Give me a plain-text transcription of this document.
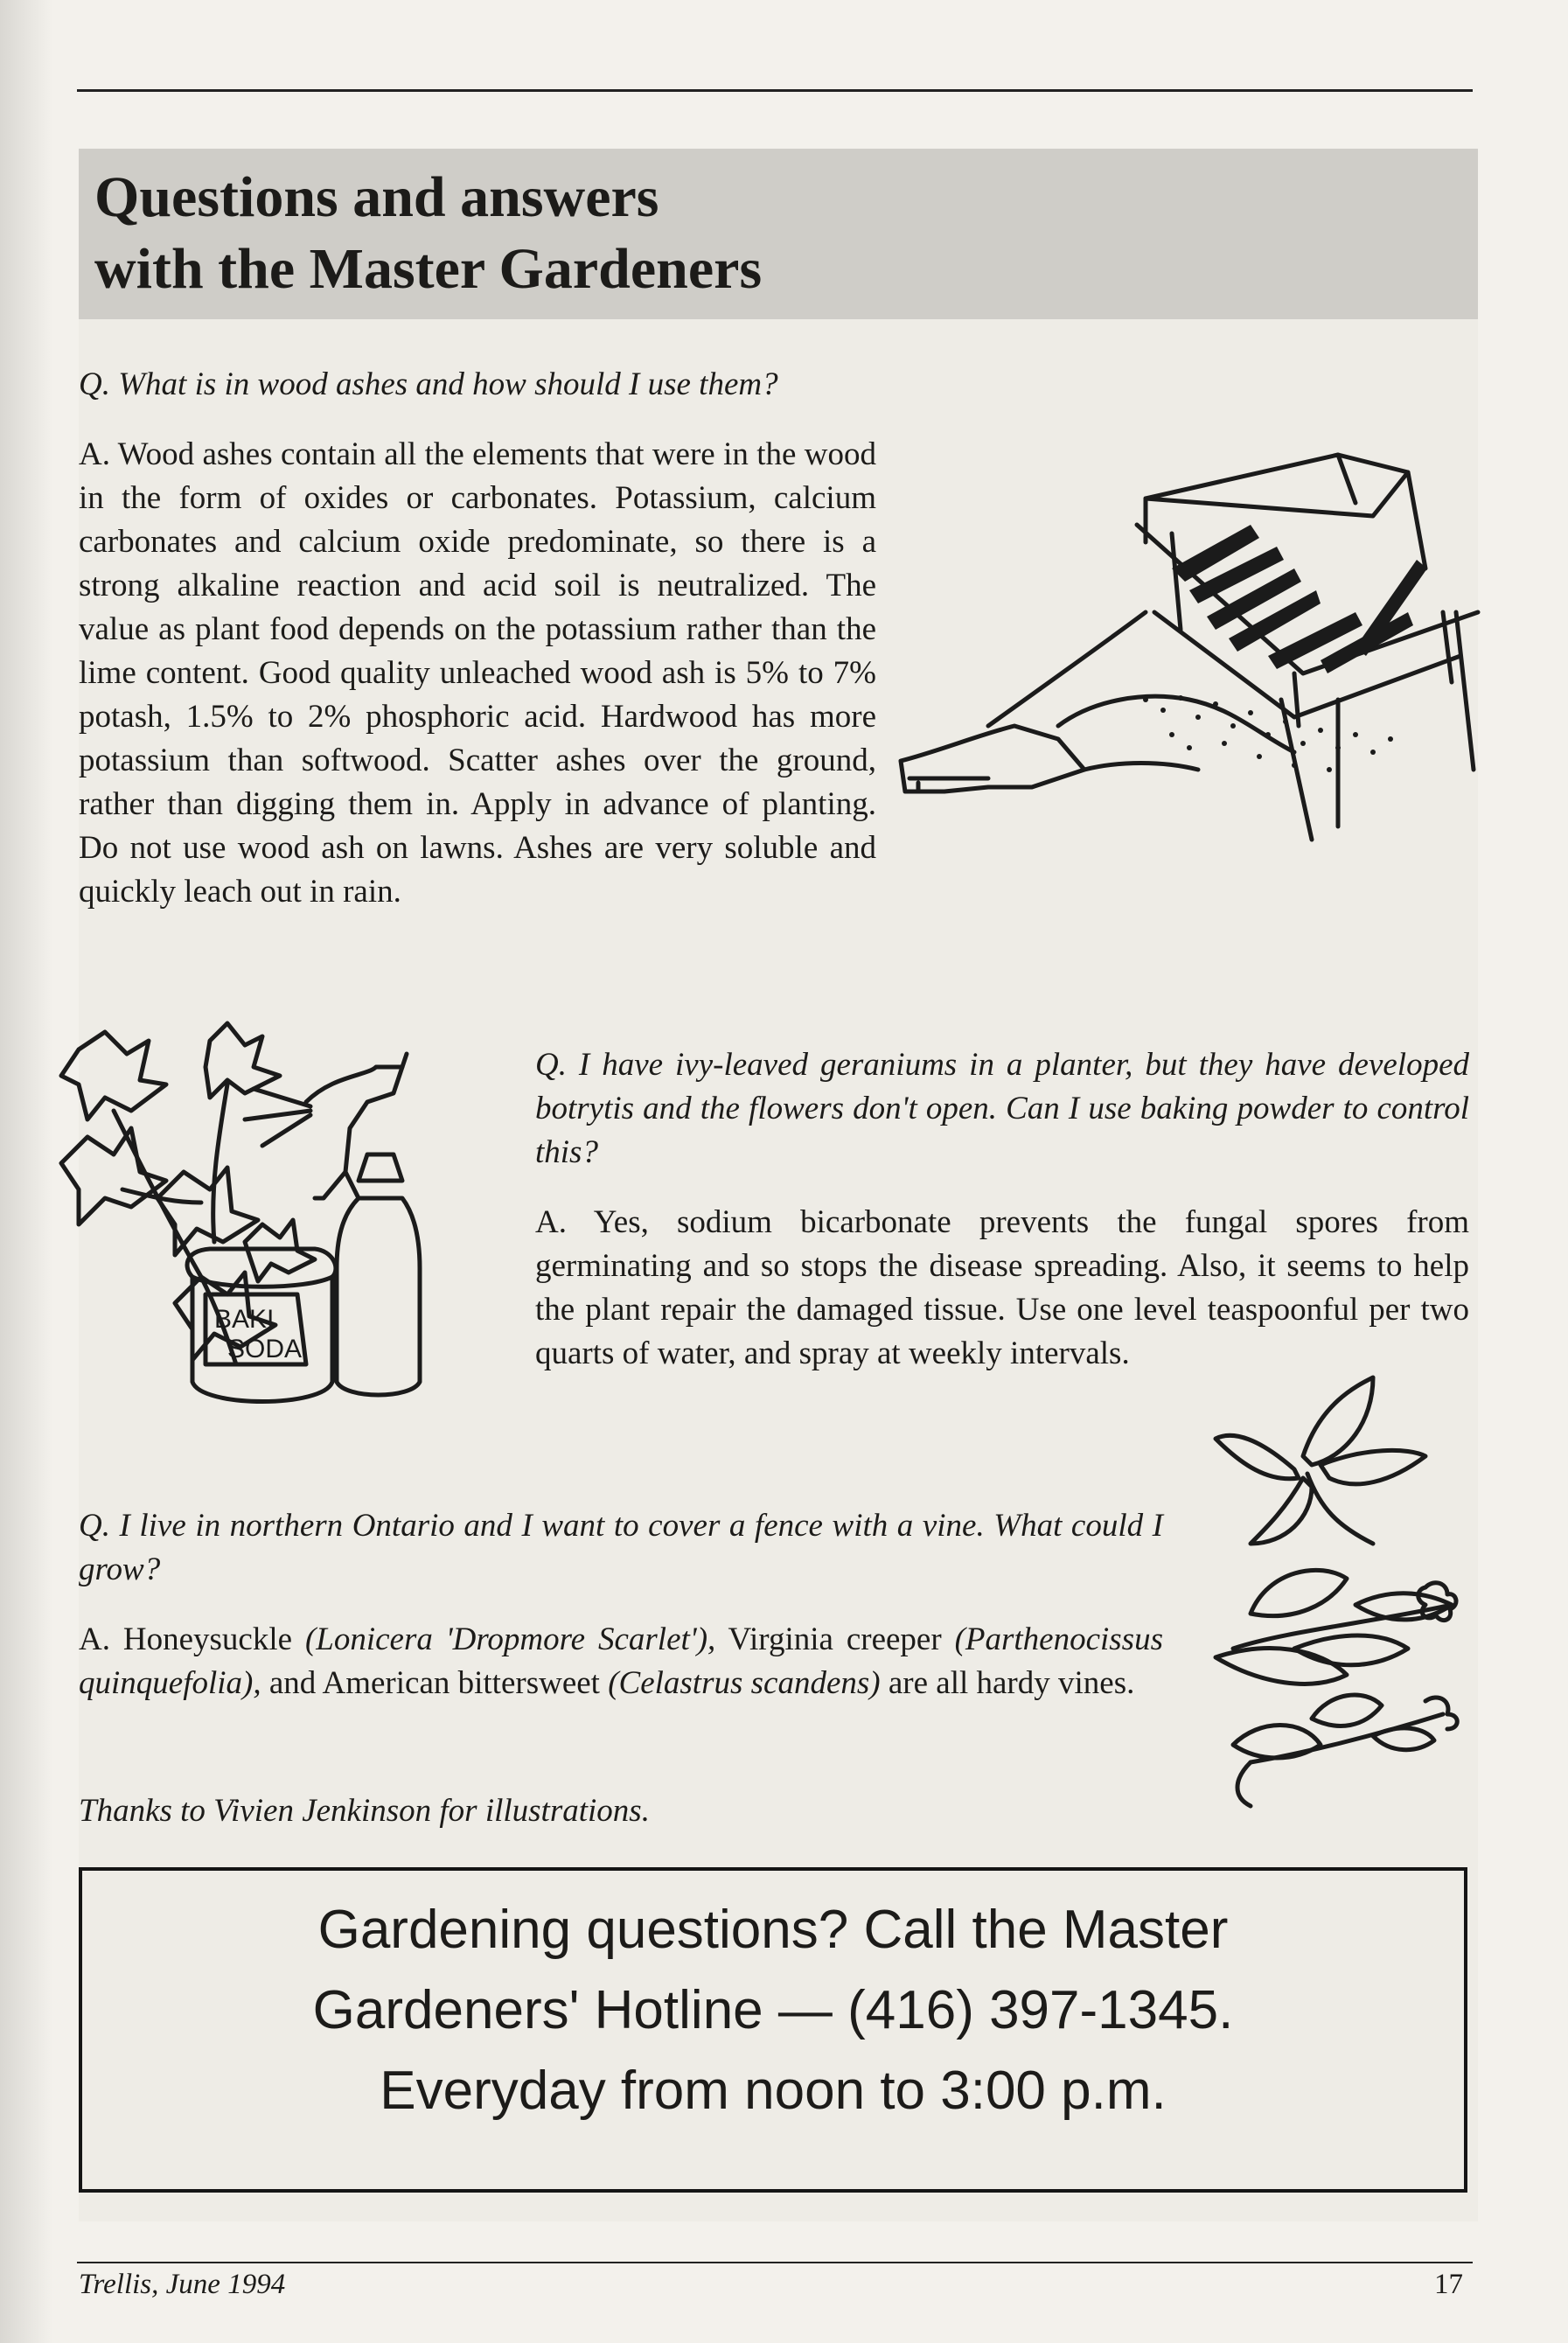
Questions and answers
with the Master Gardeners

Q. What is in wood ashes and how should I use them?

A. Wood ashes contain all the elements that were in the wood in the form of oxides or carbonates. Potassium, calcium carbonates and calcium oxide predominate, so there is a strong alkaline reaction and acid soil is neutralized. The value as plant food depends on the potassium rather than the lime content. Good quality unleached wood ash is 5% to 7% potash, 1.5% to 2% phosphoric acid. Hardwood has more potassium than softwood. Scatter ashes over the ground, rather than digging them in. Apply in advance of planting. Do not use wood ash on lawns. Ashes are very soluble and quickly leach out in rain.

BAKI
SODA

Q. I have ivy-leaved geraniums in a planter, but they have developed botrytis and the flowers don't open. Can I use baking powder to control this?

A. Yes, sodium bicarbonate prevents the fungal spores from germinating and so stops the disease spreading. Also, it seems to help the plant repair the damaged tissue. Use one level teaspoonful per two quarts of water, and spray at weekly intervals.

Q. I live in northern Ontario and I want to cover a fence with a vine. What could I grow?

A. Honeysuckle (Lonicera 'Dropmore Scarlet'), Virginia creeper (Parthenocissus quinquefolia), and American bittersweet (Celastrus scandens) are all hardy vines.

Thanks to Vivien Jenkinson for illustrations.

Gardening questions? Call the Master
Gardeners' Hotline — (416) 397-1345.
Everyday from noon to 3:00 p.m.
Trellis, June 1994	17
